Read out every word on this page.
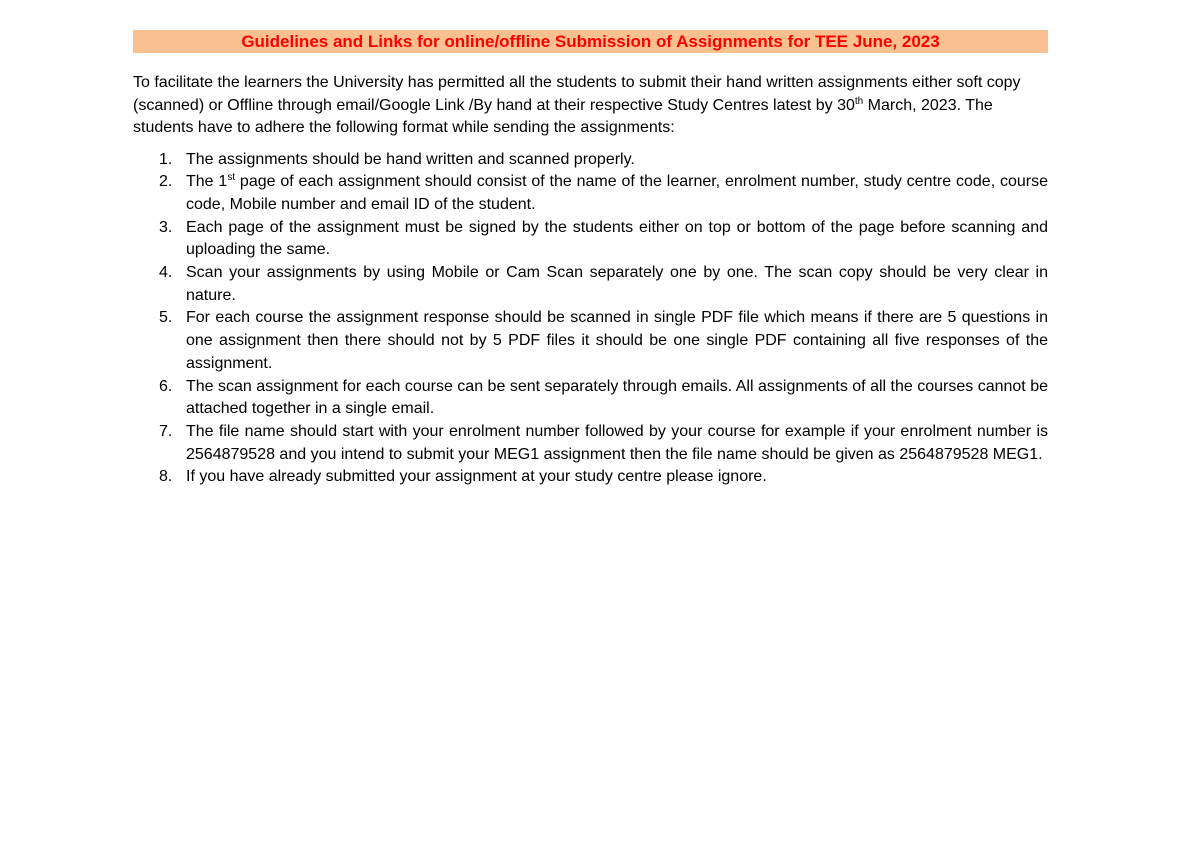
Guidelines and Links for online/offline Submission of Assignments for TEE June, 2023

To facilitate the learners the University has permitted all the students to submit their hand written assignments either soft copy (scanned) or Offline through email/Google Link /By hand at their respective Study Centres latest by 30th March, 2023. The students have to adhere the following format while sending the assignments:

1. The assignments should be hand written and scanned properly.
2. The 1st page of each assignment should consist of the name of the learner, enrolment number, study centre code, course code, Mobile number and email ID of the student.
3. Each page of the assignment must be signed by the students either on top or bottom of the page before scanning and uploading the same.
4. Scan your assignments by using Mobile or Cam Scan separately one by one. The scan copy should be very clear in nature.
5. For each course the assignment response should be scanned in single PDF file which means if there are 5 questions in one assignment then there should not by 5 PDF files it should be one single PDF containing all five responses of the assignment.
6. The scan assignment for each course can be sent separately through emails. All assignments of all the courses cannot be attached together in a single email.
7. The file name should start with your enrolment number followed by your course for example if your enrolment number is 2564879528 and you intend to submit your MEG1 assignment then the file name should be given as 2564879528 MEG1.
8. If you have already submitted your assignment at your study centre please ignore.
